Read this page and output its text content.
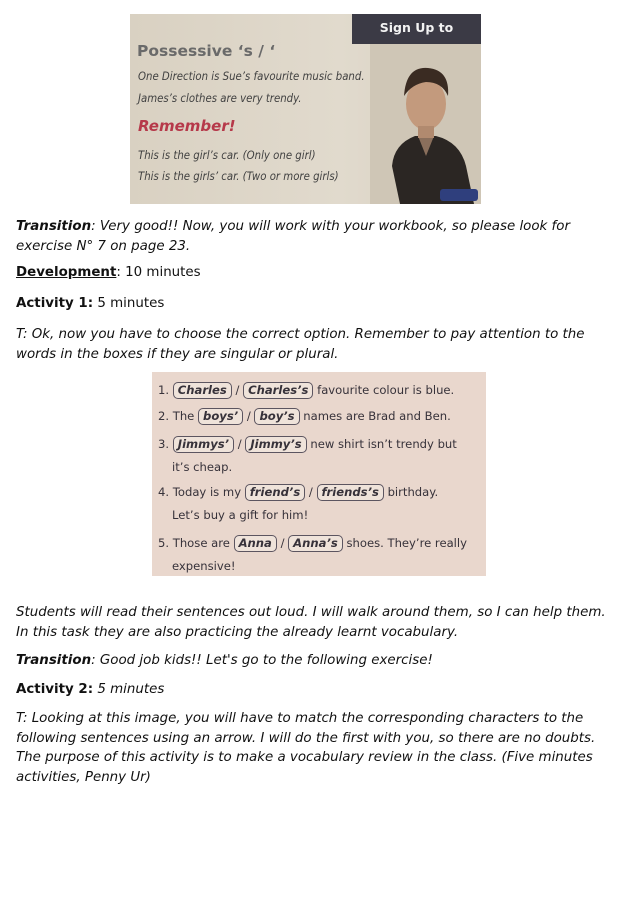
Sign Up to
Possessive ‘s / ‘
One Direction is Sue’s favourite music band.
James’s clothes are very trendy.
Remember!
This is the girl’s car. (Only one girl)
This is the girls’ car. (Two or more girls)
Transition: Very good!! Now, you will work with your workbook, so please look for exercise N° 7 on page 23.
Development: 10 minutes
Activity 1: 5 minutes
T: Ok, now you have to choose the correct option. Remember to pay attention to the words in the boxes if they are singular or plural.
1. Charles / Charles’s favourite colour is blue.
2. The boys’ / boy’s names are Brad and Ben.
3. Jimmys’ / Jimmy’s new shirt isn’t trendy but
it’s cheap.
4. Today is my friend’s / friends’s birthday.
Let’s buy a gift for him!
5. Those are Anna / Anna’s shoes. They’re really
expensive!
Students will read their sentences out loud. I will walk around them, so I can help them. In this task they are also practicing the already learnt vocabulary.
Transition: Good job kids!! Let's go to the following exercise!
Activity 2: 5 minutes
T: Looking at this image, you will have to match the corresponding characters to the following sentences using an arrow. I will do the first with you, so there are no doubts. The purpose of this activity is to make a vocabulary review in the class. (Five minutes activities, Penny Ur)
